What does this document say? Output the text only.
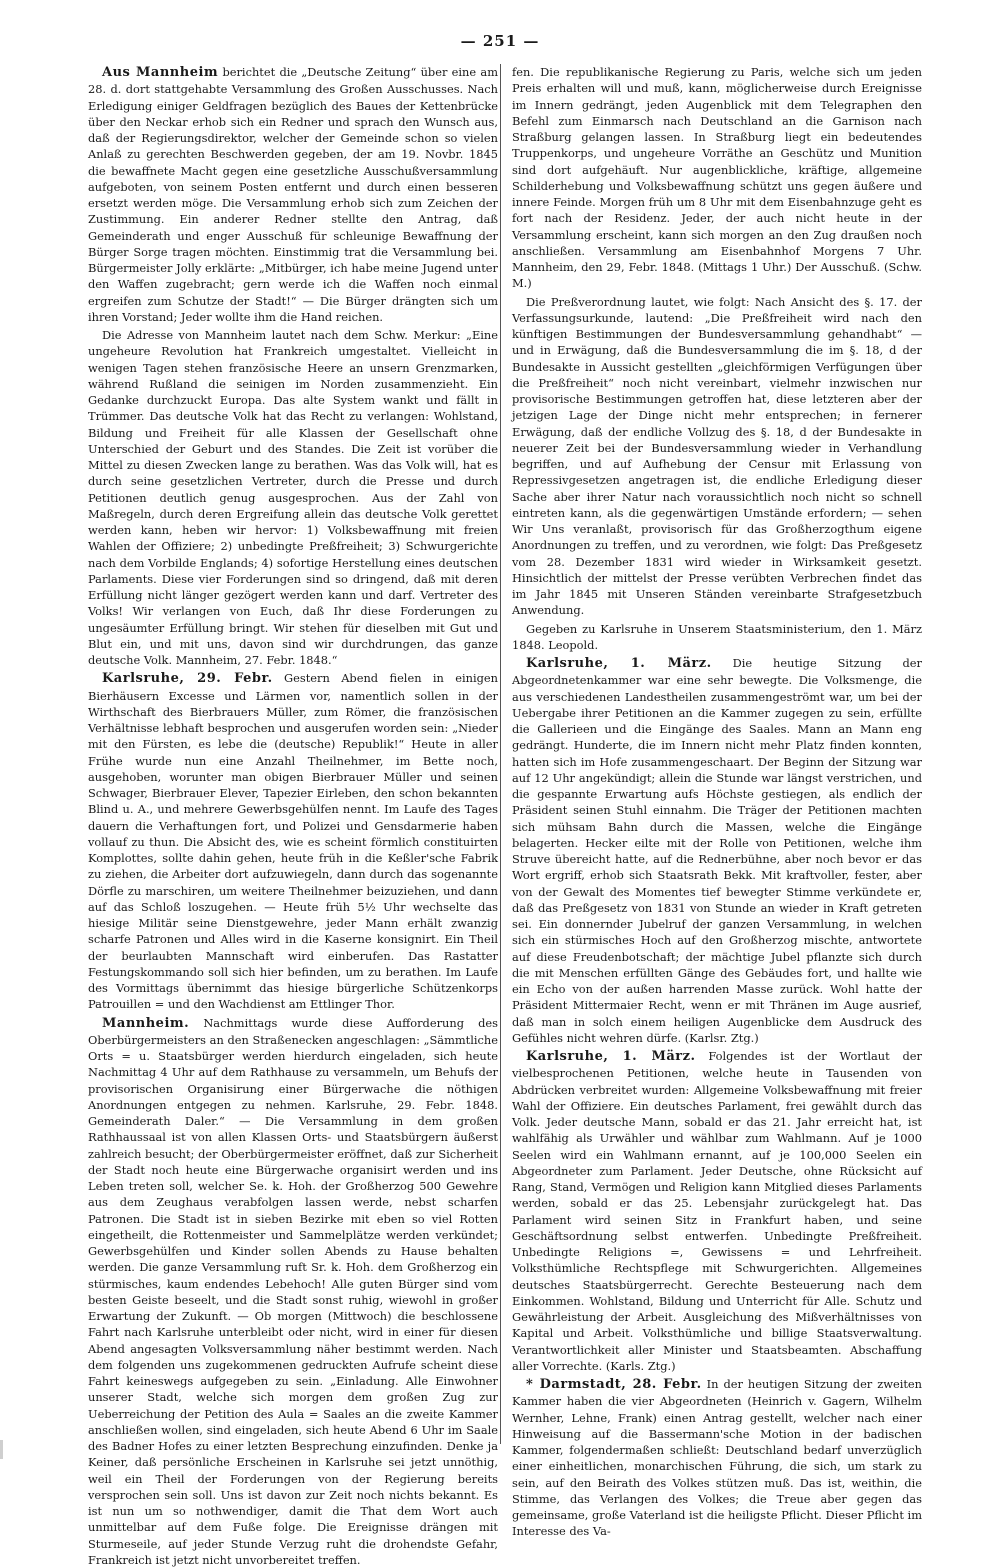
— 251 —

Aus Mannheim berichtet die „Deutsche Zeitung“ über eine am 28. d. dort stattgehabte Versammlung des Großen Ausschusses. Nach Erledigung einiger Geldfragen bezüglich des Baues der Kettenbrücke über den Neckar erhob sich ein Redner und sprach den Wunsch aus, daß der Regierungsdirektor, welcher der Gemeinde schon so vielen Anlaß zu gerechten Beschwerden gegeben, der am 19. Novbr. 1845 die bewaffnete Macht gegen eine gesetzliche Ausschußversammlung aufgeboten, von seinem Posten entfernt und durch einen besseren ersetzt werden möge. Die Versammlung erhob sich zum Zeichen der Zustimmung. Ein anderer Redner stellte den Antrag, daß Gemeinderath und enger Ausschuß für schleunige Bewaffnung der Bürger Sorge tragen möchten. Einstimmig trat die Versammlung bei. Bürgermeister Jolly erklärte: „Mitbürger, ich habe meine Jugend unter den Waffen zugebracht; gern werde ich die Waffen noch einmal ergreifen zum Schutze der Stadt!“ — Die Bürger drängten sich um ihren Vorstand; Jeder wollte ihm die Hand reichen.

Die Adresse von Mannheim lautet nach dem Schw. Merkur: „Eine ungeheure Revolution hat Frankreich umgestaltet. Vielleicht in wenigen Tagen stehen französische Heere an unsern Grenzmarken, während Rußland die seinigen im Norden zusammenzieht. Ein Gedanke durchzuckt Europa. Das alte System wankt und fällt in Trümmer. Das deutsche Volk hat das Recht zu verlangen: Wohlstand, Bildung und Freiheit für alle Klassen der Gesellschaft ohne Unterschied der Geburt und des Standes. Die Zeit ist vorüber die Mittel zu diesen Zwecken lange zu berathen. Was das Volk will, hat es durch seine gesetzlichen Vertreter, durch die Presse und durch Petitionen deutlich genug ausgesprochen. Aus der Zahl von Maßregeln, durch deren Ergreifung allein das deutsche Volk gerettet werden kann, heben wir hervor: 1) Volksbewaffnung mit freien Wahlen der Offiziere; 2) unbedingte Preßfreiheit; 3) Schwurgerichte nach dem Vorbilde Englands; 4) sofortige Herstellung eines deutschen Parlaments. Diese vier Forderungen sind so dringend, daß mit deren Erfüllung nicht länger gezögert werden kann und darf. Vertreter des Volks! Wir verlangen von Euch, daß Ihr diese Forderungen zu ungesäumter Erfüllung bringt. Wir stehen für dieselben mit Gut und Blut ein, und mit uns, davon sind wir durchdrungen, das ganze deutsche Volk. Mannheim, 27. Febr. 1848.“

Karlsruhe, 29. Febr. Gestern Abend fielen in einigen Bierhäusern Excesse und Lärmen vor, namentlich sollen in der Wirthschaft des Bierbrauers Müller, zum Römer, die französischen Verhältnisse lebhaft besprochen und ausgerufen worden sein: „Nieder mit den Fürsten, es lebe die (deutsche) Republik!“ Heute in aller Frühe wurde nun eine Anzahl Theilnehmer, im Bette noch, ausgehoben, worunter man obigen Bierbrauer Müller und seinen Schwager, Bierbrauer Elever, Tapezier Eirleben, den schon bekannten Blind u. A., und mehrere Gewerbsgehülfen nennt. Im Laufe des Tages dauern die Verhaftungen fort, und Polizei und Gensdarmerie haben vollauf zu thun. Die Absicht des, wie es scheint förmlich constituirten Komplottes, sollte dahin gehen, heute früh in die Keßler'sche Fabrik zu ziehen, die Arbeiter dort aufzuwiegeln, dann durch das sogenannte Dörfle zu marschiren, um weitere Theilnehmer beizuziehen, und dann auf das Schloß loszugehen. — Heute früh 5½ Uhr wechselte das hiesige Militär seine Dienstgewehre, jeder Mann erhält zwanzig scharfe Patronen und Alles wird in die Kaserne konsignirt. Ein Theil der beurlaubten Mannschaft wird einberufen. Das Rastatter Festungskommando soll sich hier befinden, um zu berathen. Im Laufe des Vormittags übernimmt das hiesige bürgerliche Schützenkorps Patrouillen = und den Wachdienst am Ettlinger Thor.

Mannheim. Nachmittags wurde diese Aufforderung des Oberbürgermeisters an den Straßenecken angeschlagen: „Sämmtliche Orts = u. Staatsbürger werden hierdurch eingeladen, sich heute Nachmittag 4 Uhr auf dem Rathhause zu versammeln, um Behufs der provisorischen Organisirung einer Bürgerwache die nöthigen Anordnungen entgegen zu nehmen. Karlsruhe, 29. Febr. 1848. Gemeinderath Daler.“ — Die Versammlung in dem großen Rathhaussaal ist von allen Klassen Orts- und Staatsbürgern äußerst zahlreich besucht; der Oberbürgermeister eröffnet, daß zur Sicherheit der Stadt noch heute eine Bürgerwache organisirt werden und ins Leben treten soll, welcher Se. k. Hoh. der Großherzog 500 Gewehre aus dem Zeughaus verabfolgen lassen werde, nebst scharfen Patronen. Die Stadt ist in sieben Bezirke mit eben so viel Rotten eingetheilt, die Rottenmeister und Sammelplätze werden verkündet; Gewerbsgehülfen und Kinder sollen Abends zu Hause behalten werden. Die ganze Versammlung ruft Sr. k. Hoh. dem Großherzog ein stürmisches, kaum endendes Lebehoch! Alle guten Bürger sind vom besten Geiste beseelt, und die Stadt sonst ruhig, wiewohl in großer Erwartung der Zukunft. — Ob morgen (Mittwoch) die beschlossene Fahrt nach Karlsruhe unterbleibt oder nicht, wird in einer für diesen Abend angesagten Volksversammlung näher bestimmt werden. Nach dem folgenden uns zugekommenen gedruckten Aufrufe scheint diese Fahrt keineswegs aufgegeben zu sein. „Einladung. Alle Einwohner unserer Stadt, welche sich morgen dem großen Zug zur Ueberreichung der Petition des Aula = Saales an die zweite Kammer anschließen wollen, sind eingeladen, sich heute Abend 6 Uhr im Saale des Badner Hofes zu einer letzten Besprechung einzufinden. Denke ja Keiner, daß persönliche Erscheinen in Karlsruhe sei jetzt unnöthig, weil ein Theil der Forderungen von der Regierung bereits versprochen sein soll. Uns ist davon zur Zeit noch nichts bekannt. Es ist nun um so nothwendiger, damit die That dem Wort auch unmittelbar auf dem Fuße folge. Die Ereignisse drängen mit Sturmeseile, auf jeder Stunde Verzug ruht die drohendste Gefahr, Frankreich ist jetzt nicht unvorbereitet treffen.

fen. Die republikanische Regierung zu Paris, welche sich um jeden Preis erhalten will und muß, kann, möglicherweise durch Ereignisse im Innern gedrängt, jeden Augenblick mit dem Telegraphen den Befehl zum Einmarsch nach Deutschland an die Garnison nach Straßburg gelangen lassen. In Straßburg liegt ein bedeutendes Truppenkorps, und ungeheure Vorräthe an Geschütz und Munition sind dort aufgehäuft. Nur augenblickliche, kräftige, allgemeine Schilderhebung und Volksbewaffnung schützt uns gegen äußere und innere Feinde. Morgen früh um 8 Uhr mit dem Eisenbahnzuge geht es fort nach der Residenz. Jeder, der auch nicht heute in der Versammlung erscheint, kann sich morgen an den Zug draußen noch anschließen. Versammlung am Eisenbahnhof Morgens 7 Uhr. Mannheim, den 29, Febr. 1848. (Mittags 1 Uhr.) Der Ausschuß. (Schw. M.)

Die Preßverordnung lautet, wie folgt: Nach Ansicht des §. 17. der Verfassungsurkunde, lautend: „Die Preßfreiheit wird nach den künftigen Bestimmungen der Bundesversammlung gehandhabt“ — und in Erwägung, daß die Bundesversammlung die im §. 18, d der Bundesakte in Aussicht gestellten „gleichförmigen Verfügungen über die Preßfreiheit“ noch nicht vereinbart, vielmehr inzwischen nur provisorische Bestimmungen getroffen hat, diese letzteren aber der jetzigen Lage der Dinge nicht mehr entsprechen; in fernerer Erwägung, daß der endliche Vollzug des §. 18, d der Bundesakte in neuerer Zeit bei der Bundesversammlung wieder in Verhandlung begriffen, und auf Aufhebung der Censur mit Erlassung von Repressivgesetzen angetragen ist, die endliche Erledigung dieser Sache aber ihrer Natur nach voraussichtlich noch nicht so schnell eintreten kann, als die gegenwärtigen Umstände erfordern; — sehen Wir Uns veranlaßt, provisorisch für das Großherzogthum eigene Anordnungen zu treffen, und zu verordnen, wie folgt: Das Preßgesetz vom 28. Dezember 1831 wird wieder in Wirksamkeit gesetzt. Hinsichtlich der mittelst der Presse verübten Verbrechen findet das im Jahr 1845 mit Unseren Ständen vereinbarte Strafgesetzbuch Anwendung.

Gegeben zu Karlsruhe in Unserem Staatsministerium, den 1. März 1848. Leopold.

Karlsruhe, 1. März. Die heutige Sitzung der Abgeordnetenkammer war eine sehr bewegte. Die Volksmenge, die aus verschiedenen Landestheilen zusammengeströmt war, um bei der Uebergabe ihrer Petitionen an die Kammer zugegen zu sein, erfüllte die Gallerieen und die Eingänge des Saales. Mann an Mann eng gedrängt. Hunderte, die im Innern nicht mehr Platz finden konnten, hatten sich im Hofe zusammengeschaart. Der Beginn der Sitzung war auf 12 Uhr angekündigt; allein die Stunde war längst verstrichen, und die gespannte Erwartung aufs Höchste gestiegen, als endlich der Präsident seinen Stuhl einnahm. Die Träger der Petitionen machten sich mühsam Bahn durch die Massen, welche die Eingänge belagerten. Hecker eilte mit der Rolle von Petitionen, welche ihm Struve übereicht hatte, auf die Rednerbühne, aber noch bevor er das Wort ergriff, erhob sich Staatsrath Bekk. Mit kraftvoller, fester, aber von der Gewalt des Momentes tief bewegter Stimme verkündete er, daß das Preßgesetz von 1831 von Stunde an wieder in Kraft getreten sei. Ein donnernder Jubelruf der ganzen Versammlung, in welchen sich ein stürmisches Hoch auf den Großherzog mischte, antwortete auf diese Freudenbotschaft; der mächtige Jubel pflanzte sich durch die mit Menschen erfüllten Gänge des Gebäudes fort, und hallte wie ein Echo von der außen harrenden Masse zurück. Wohl hatte der Präsident Mittermaier Recht, wenn er mit Thränen im Auge ausrief, daß man in solch einem heiligen Augenblicke dem Ausdruck des Gefühles nicht wehren dürfe. (Karlsr. Ztg.)

Karlsruhe, 1. März. Folgendes ist der Wortlaut der vielbesprochenen Petitionen, welche heute in Tausenden von Abdrücken verbreitet wurden: Allgemeine Volksbewaffnung mit freier Wahl der Offiziere. Ein deutsches Parlament, frei gewählt durch das Volk. Jeder deutsche Mann, sobald er das 21. Jahr erreicht hat, ist wahlfähig als Urwähler und wählbar zum Wahlmann. Auf je 1000 Seelen wird ein Wahlmann ernannt, auf je 100,000 Seelen ein Abgeordneter zum Parlament. Jeder Deutsche, ohne Rücksicht auf Rang, Stand, Vermögen und Religion kann Mitglied dieses Parlaments werden, sobald er das 25. Lebensjahr zurückgelegt hat. Das Parlament wird seinen Sitz in Frankfurt haben, und seine Geschäftsordnung selbst entwerfen. Unbedingte Preßfreiheit. Unbedingte Religions =, Gewissens = und Lehrfreiheit. Volksthümliche Rechtspflege mit Schwurgerichten. Allgemeines deutsches Staatsbürgerrecht. Gerechte Besteuerung nach dem Einkommen. Wohlstand, Bildung und Unterricht für Alle. Schutz und Gewährleistung der Arbeit. Ausgleichung des Mißverhältnisses von Kapital und Arbeit. Volksthümliche und billige Staatsverwaltung. Verantwortlichkeit aller Minister und Staatsbeamten. Abschaffung aller Vorrechte. (Karls. Ztg.)

* Darmstadt, 28. Febr. In der heutigen Sitzung der zweiten Kammer haben die vier Abgeordneten (Heinrich v. Gagern, Wilhelm Wernher, Lehne, Frank) einen Antrag gestellt, welcher nach einer Hinweisung auf die Bassermann'sche Motion in der badischen Kammer, folgendermaßen schließt: Deutschland bedarf unverzüglich einer einheitlichen, monarchischen Führung, die sich, um stark zu sein, auf den Beirath des Volkes stützen muß. Das ist, weithin, die Stimme, das Verlangen des Volkes; die Treue aber gegen das gemeinsame, große Vaterland ist die heiligste Pflicht. Dieser Pflicht im Interesse des Va-
